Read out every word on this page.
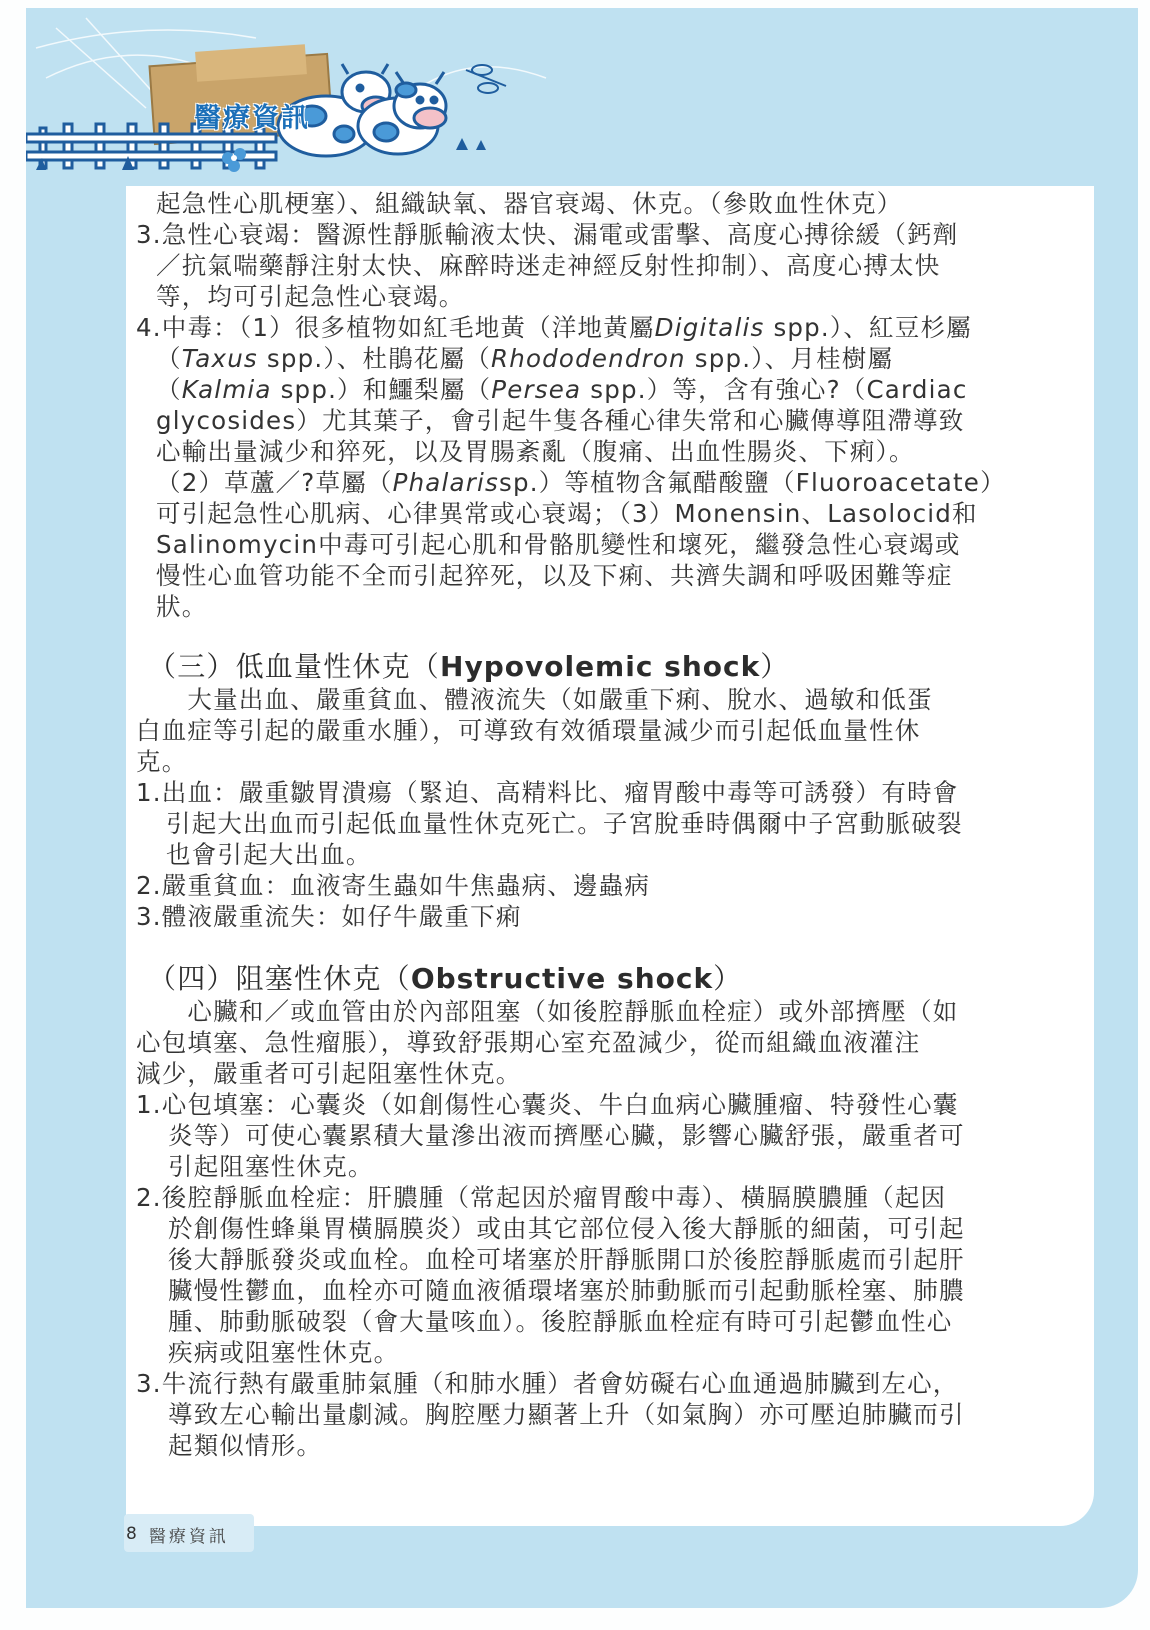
醫療資訊
起急性心肌梗塞）、組織缺氧、器官衰竭、休克。（參敗血性休克）
3.急性心衰竭：醫源性靜脈輸液太快、漏電或雷擊、高度心搏徐緩（鈣劑
／抗氣喘藥靜注射太快、麻醉時迷走神經反射性抑制）、高度心搏太快
等，均可引起急性心衰竭。
4.中毒：（1）很多植物如紅毛地黃（洋地黃屬Digitalis spp.）、紅豆杉屬
（Taxus spp.）、杜鵑花屬（Rhododendron spp.）、月桂樹屬
（Kalmia spp.）和鱷梨屬（Persea spp.）等，含有強心?（Cardiac
glycosides）尤其葉子，會引起牛隻各種心律失常和心臟傳導阻滯導致
心輸出量減少和猝死，以及胃腸紊亂（腹痛、出血性腸炎、下痢）。
（2）草蘆／?草屬（Phalarissp.）等植物含氟醋酸鹽（Fluoroacetate）
可引起急性心肌病、心律異常或心衰竭；（3）Monensin、Lasolocid和
Salinomycin中毒可引起心肌和骨骼肌變性和壞死，繼發急性心衰竭或
慢性心血管功能不全而引起猝死，以及下痢、共濟失調和呼吸困難等症
狀。
（三）低血量性休克（Hypovolemic shock）
　　大量出血、嚴重貧血、體液流失（如嚴重下痢、脫水、過敏和低蛋
白血症等引起的嚴重水腫），可導致有效循環量減少而引起低血量性休
克。
1.出血：嚴重皺胃潰瘍（緊迫、高精料比、瘤胃酸中毒等可誘發）有時會
引起大出血而引起低血量性休克死亡。子宮脫垂時偶爾中子宮動脈破裂
也會引起大出血。
2.嚴重貧血：血液寄生蟲如牛焦蟲病、邊蟲病
3.體液嚴重流失：如仔牛嚴重下痢
（四）阻塞性休克（Obstructive shock）
　　心臟和／或血管由於內部阻塞（如後腔靜脈血栓症）或外部擠壓（如
心包填塞、急性瘤脹），導致舒張期心室充盈減少，從而組織血液灌注
減少，嚴重者可引起阻塞性休克。
1.心包填塞：心囊炎（如創傷性心囊炎、牛白血病心臟腫瘤、特發性心囊
炎等）可使心囊累積大量滲出液而擠壓心臟，影響心臟舒張，嚴重者可
引起阻塞性休克。
2.後腔靜脈血栓症：肝膿腫（常起因於瘤胃酸中毒）、橫膈膜膿腫（起因
於創傷性蜂巢胃橫膈膜炎）或由其它部位侵入後大靜脈的細菌，可引起
後大靜脈發炎或血栓。血栓可堵塞於肝靜脈開口於後腔靜脈處而引起肝
臟慢性鬱血，血栓亦可隨血液循環堵塞於肺動脈而引起動脈栓塞、肺膿
腫、肺動脈破裂（會大量咳血）。後腔靜脈血栓症有時可引起鬱血性心
疾病或阻塞性休克。
3.牛流行熱有嚴重肺氣腫（和肺水腫）者會妨礙右心血通過肺臟到左心，
導致左心輸出量劇減。胸腔壓力顯著上升（如氣胸）亦可壓迫肺臟而引
起類似情形。
8 醫療資訊
